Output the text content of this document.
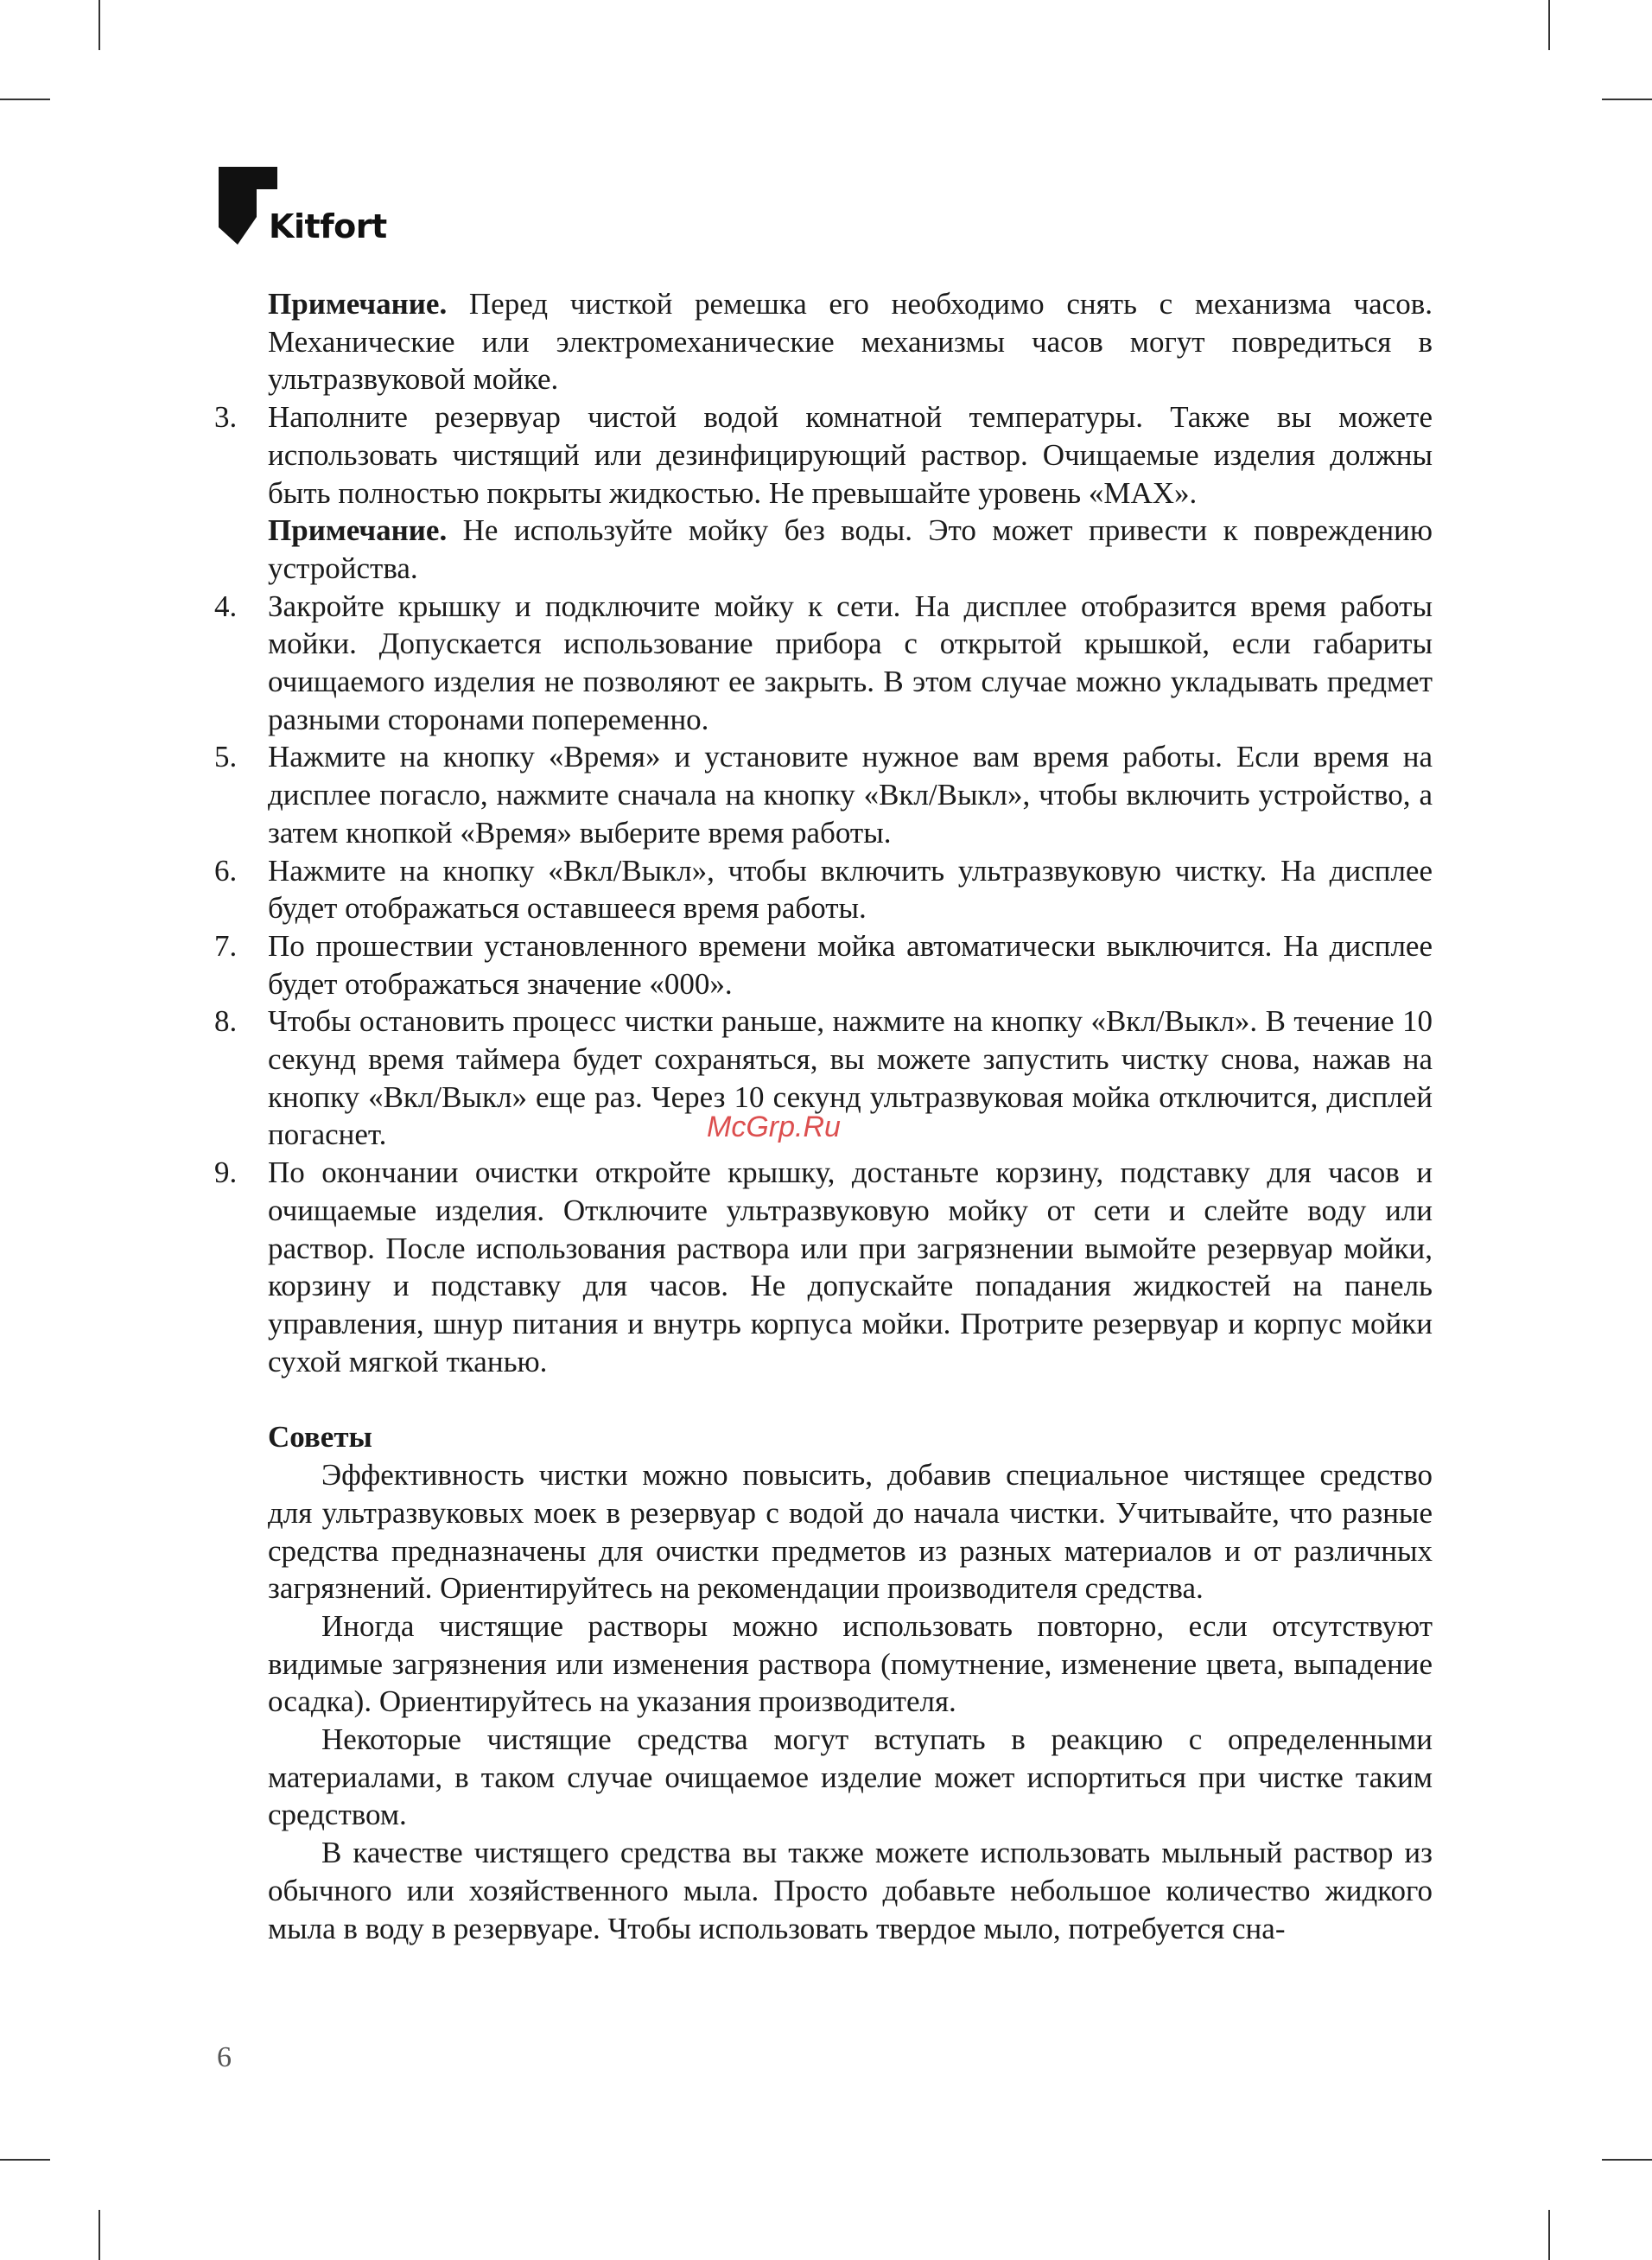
Kitfort

Примечание. Перед чисткой ремешка его необходимо снять с механизма часов. Механические или электромеханические механизмы часов могут повредиться в ультразвуковой мойке.

3. Наполните резервуар чистой водой комнатной температуры. Также вы можете использовать чистящий или дезинфицирующий раствор. Очищаемые изделия должны быть полностью покрыты жидкостью. Не превышайте уровень «MAX».

Примечание. Не используйте мойку без воды. Это может привести к повреждению устройства.

4. Закройте крышку и подключите мойку к сети. На дисплее отобразится время работы мойки. Допускается использование прибора с открытой крышкой, если габариты очищаемого изделия не позволяют ее закрыть. В этом случае можно укладывать предмет разными сторонами попеременно.
5. Нажмите на кнопку «Время» и установите нужное вам время работы. Если время на дисплее погасло, нажмите сначала на кнопку «Вкл/Выкл», чтобы включить устройство, а затем кнопкой «Время» выберите время работы.
6. Нажмите на кнопку «Вкл/Выкл», чтобы включить ультразвуковую чистку. На дисплее будет отображаться оставшееся время работы.
7. По прошествии установленного времени мойка автоматически выключится. На дисплее будет отображаться значение «000».
8. Чтобы остановить процесс чистки раньше, нажмите на кнопку «Вкл/Выкл». В течение 10 секунд время таймера будет сохраняться, вы можете запустить чистку снова, нажав на кнопку «Вкл/Выкл» еще раз. Через 10 секунд ультразвуковая мойка отключится, дисплей погаснет.
9. По окончании очистки откройте крышку, достаньте корзину, подставку для часов и очищаемые изделия. Отключите ультразвуковую мойку от сети и слейте воду или раствор. После использования раствора или при загрязнении вымойте резервуар мойки, корзину и подставку для часов. Не допускайте попадания жидкостей на панель управления, шнур питания и внутрь корпуса мойки. Протрите резервуар и корпус мойки сухой мягкой тканью.
Советы

Эффективность чистки можно повысить, добавив специальное чистящее средство для ультразвуковых моек в резервуар с водой до начала чистки. Учитывайте, что разные средства предназначены для очистки предметов из разных материалов и от различных загрязнений. Ориентируйтесь на рекомендации производителя средства.

Иногда чистящие растворы можно использовать повторно, если отсутствуют видимые загрязнения или изменения раствора (помутнение, изменение цвета, выпадение осадка). Ориентируйтесь на указания производителя.

Некоторые чистящие средства могут вступать в реакцию с определенными материалами, в таком случае очищаемое изделие может испортиться при чистке таким средством.

В качестве чистящего средства вы также можете использовать мыльный раствор из обычного или хозяйственного мыла. Просто добавьте небольшое количество жидкого мыла в воду в резервуаре. Чтобы использовать твердое мыло, потребуется сна-

McGrp.Ru
6
